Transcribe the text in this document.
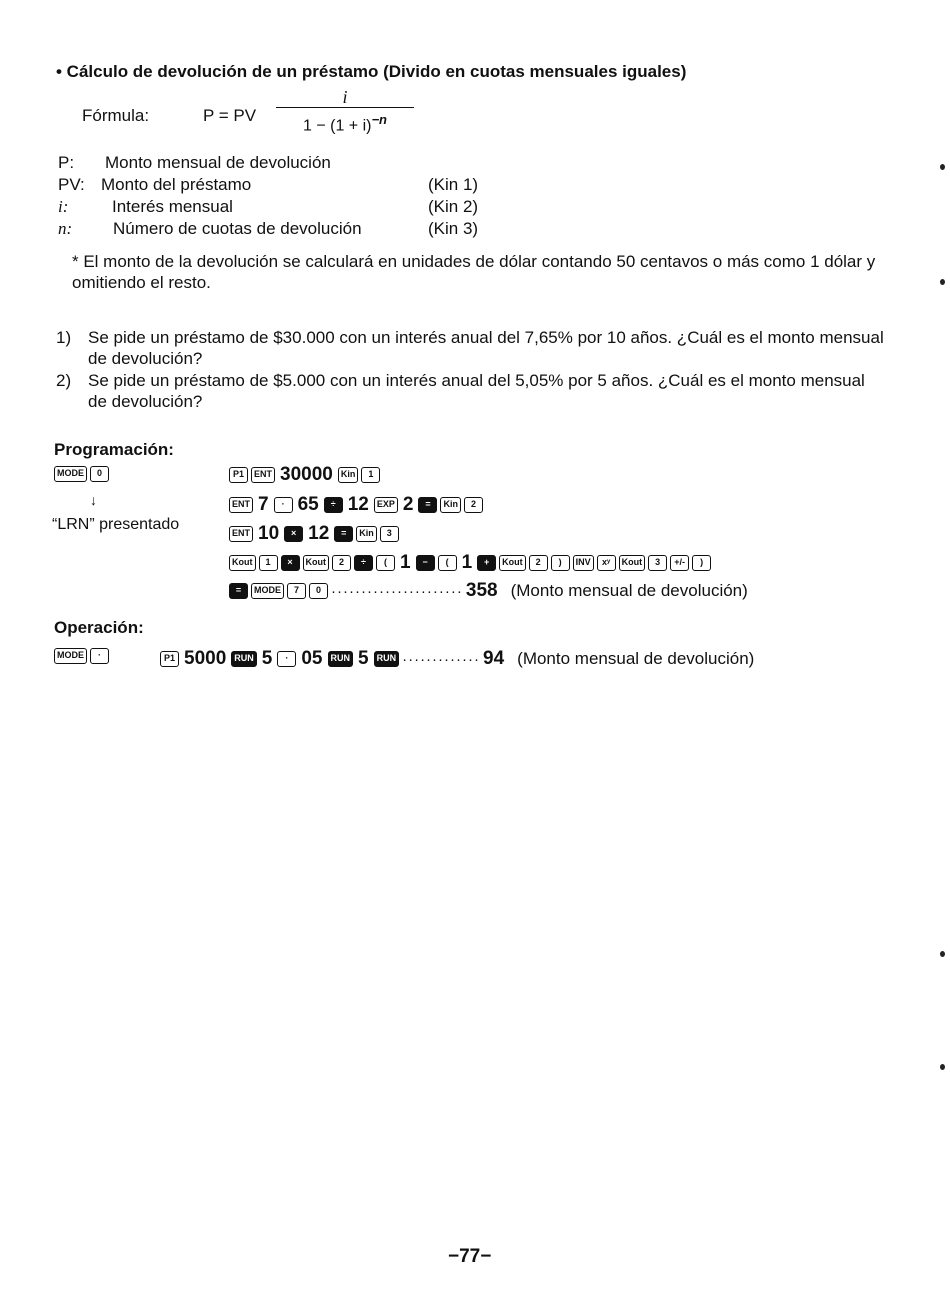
• Cálculo de devolución de un préstamo (Divido en cuotas mensuales iguales)
Fórmula:	P = PV
i
$1 - (1 + i)^{-n}$
P: Monto mensual de devolución
PV: Monto del préstamo	(Kin 1)
i:	Interés mensual	(Kin 2)
n: Número de cuotas de devolución	(Kin 3)
* El monto de la devolución se calculará en unidades de dólar contando 50 centavos o más como 1 dólar y omitiendo el resto.
1) Se pide un préstamo de $30.000 con un interés anual del 7,65% por 10 años. ¿Cuál es el monto mensual de devolución?
2) Se pide un préstamo de $5.000 con un interés anual del 5,05% por 5 años. ¿Cuál es el monto mensual de devolución?
Programación:
MODE	0
↓
“LRN” presentado
P1	ENT 30000 Kin	1
ENT 7	· 65	÷ 12 EXP 2	=	Kin	2
ENT 10	× 12	=	Kin	3
Kout	1	×	Kout	2	÷	( 1	−	( 1	+	Kout	2	)	INV	xʸ	Kout	3	+/-	)
=	MODE	7	0 ······················ 358 (Monto mensual de devolución)
Operación:
MODE	·	P1 5000 RUN 5	· 05 RUN 5 RUN ············· 94 (Monto mensual de devolución)
−77−
